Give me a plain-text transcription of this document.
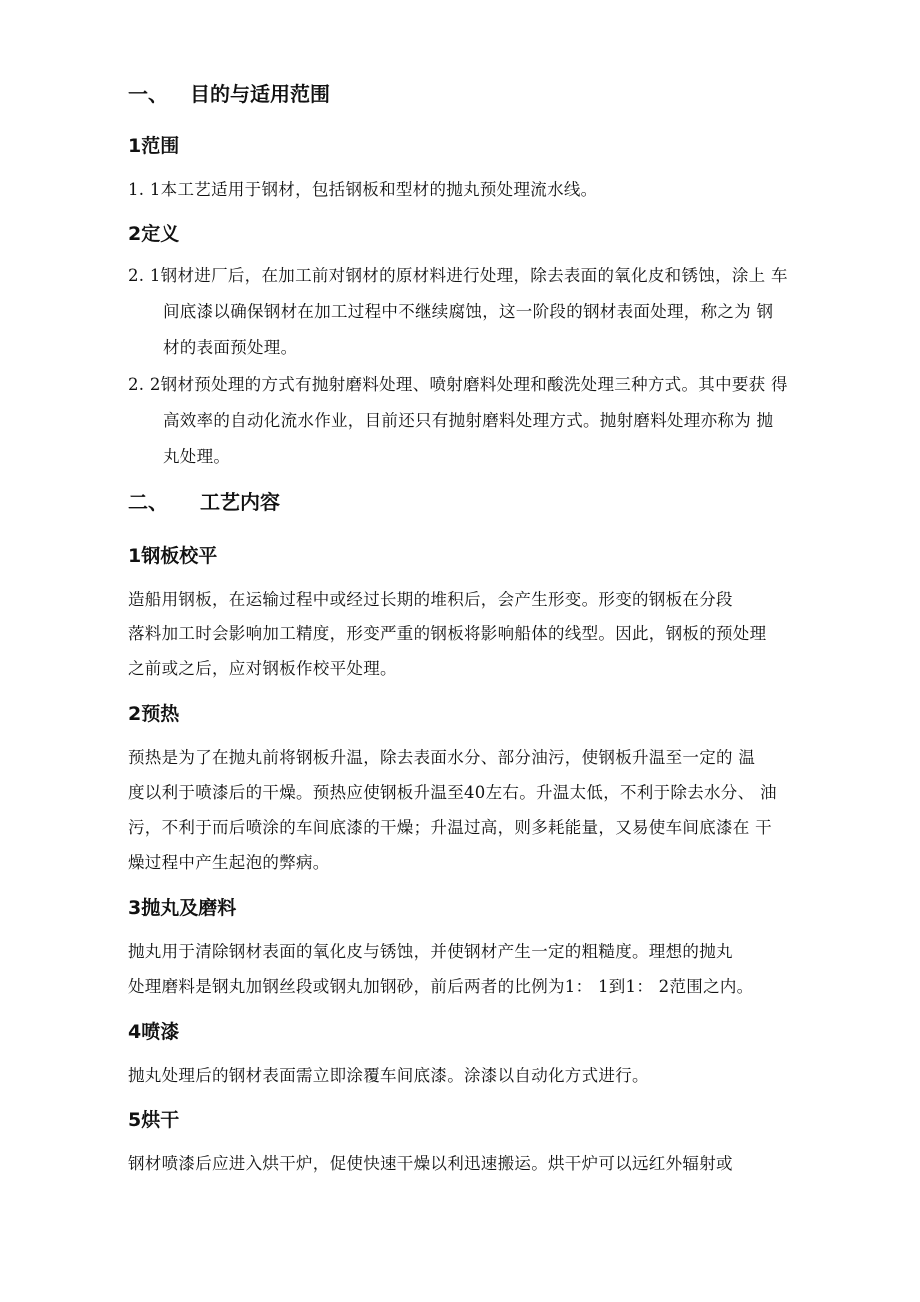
一、 目的与适用范围
1范围
1. 1本工艺适用于钢材，包括钢板和型材的抛丸预处理流水线。
2定义
2. 1钢材进厂后，在加工前对钢材的原材料进行处理，除去表面的氧化皮和锈蚀，涂上 车
间底漆以确保钢材在加工过程中不继续腐蚀，这一阶段的钢材表面处理，称之为 钢
材的表面预处理。
2. 2钢材预处理的方式有抛射磨料处理、喷射磨料处理和酸洗处理三种方式。其中要获 得
高效率的自动化流水作业，目前还只有抛射磨料处理方式。抛射磨料处理亦称为 抛
丸处理。
二、 工艺内容
1钢板校平
造船用钢板，在运输过程中或经过长期的堆积后，会产生形变。形变的钢板在分段
落料加工时会影响加工精度，形变严重的钢板将影响船体的线型。因此，钢板的预处理
之前或之后，应对钢板作校平处理。
2预热
预热是为了在抛丸前将钢板升温，除去表面水分、部分油污，使钢板升温至一定的 温
度以利于喷漆后的干燥。预热应使钢板升温至40左右。升温太低，不利于除去水分、 油
污，不利于而后喷涂的车间底漆的干燥；升温过高，则多耗能量，又易使车间底漆在 干
燥过程中产生起泡的弊病。
3抛丸及磨料
抛丸用于清除钢材表面的氧化皮与锈蚀，并使钢材产生一定的粗糙度。理想的抛丸
处理磨料是钢丸加钢丝段或钢丸加钢砂，前后两者的比例为1： 1到1： 2范围之内。
4喷漆
抛丸处理后的钢材表面需立即涂覆车间底漆。涂漆以自动化方式进行。
5烘干
钢材喷漆后应进入烘干炉，促使快速干燥以利迅速搬运。烘干炉可以远红外辐射或
